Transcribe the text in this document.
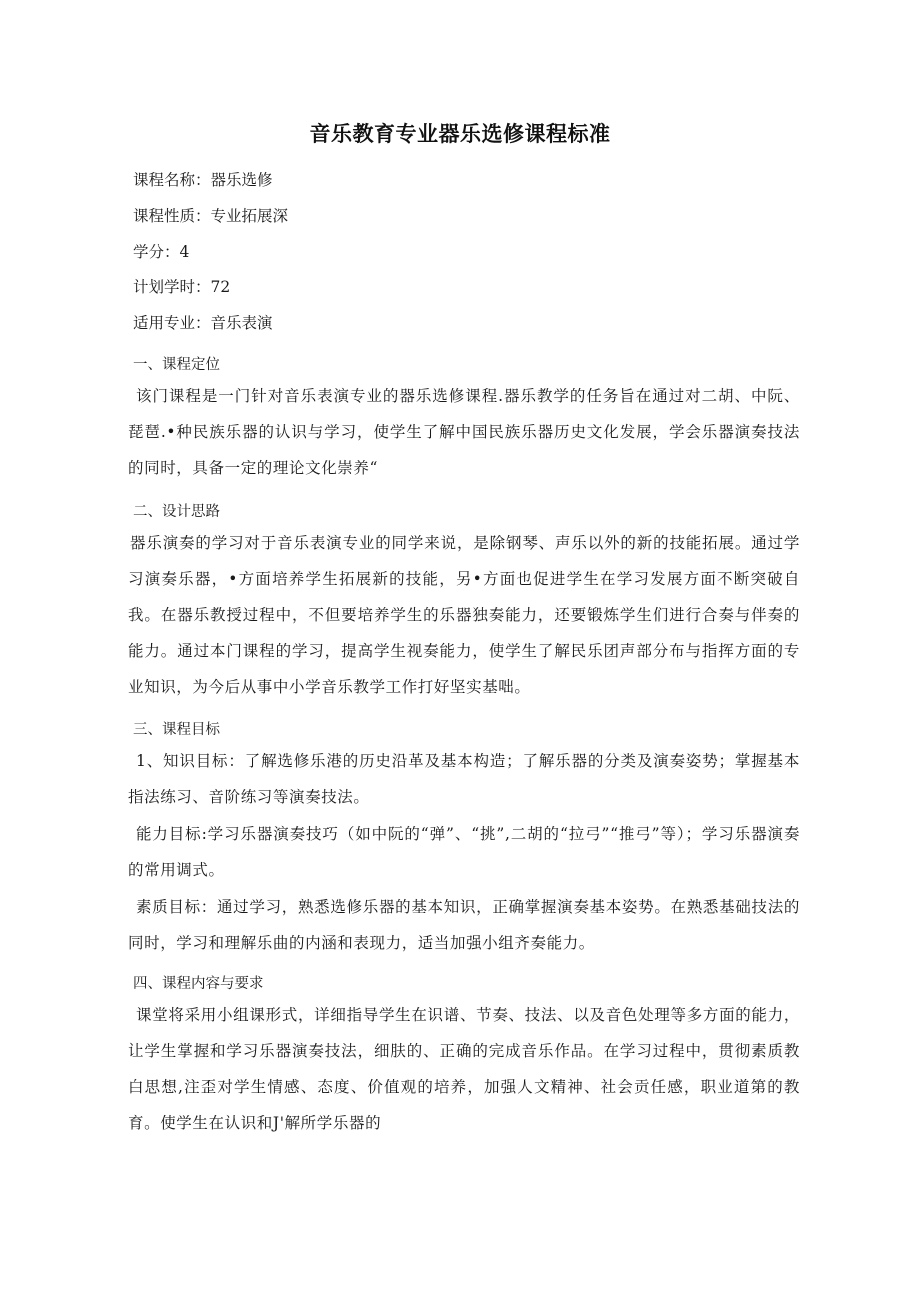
音乐教育专业器乐选修课程标准
课程名称：器乐选修
课程性质：专业拓展深
学分：4
计划学时：72
适用专业：音乐表演
一、课程定位
该门课程是一门针对音乐表演专业的器乐选修课程.器乐教学的任务旨在通过对二胡、中阮、琵琶.•种民族乐器的认识与学习，使学生了解中国民族乐器历史文化发展，学会乐器演奏技法的同时，具备一定的理论文化崇养“
二、设计思路
器乐演奏的学习对于音乐表演专业的同学来说，是除钢琴、声乐以外的新的技能拓展。通过学习演奏乐器，•方面培养学生拓展新的技能，另•方面也促进学生在学习发展方面不断突破自我。在器乐教授过程中，不但要培养学生的乐器独奏能力，还要锻炼学生们进行合奏与伴奏的能力。通过本门课程的学习，提高学生视奏能力，使学生了解民乐团声部分布与指挥方面的专业知识，为今后从事中小学音乐教学工作打好坚实基咄。
三、课程目标
1、知识目标：了解选修乐港的历史沿革及基本构造；了解乐器的分类及演奏姿势；掌握基本指法练习、音阶练习等演奏技法。
能力目标:学习乐器演奏技巧（如中阮的“弹”、“挑”,二胡的“拉弓”“推弓”等）；学习乐器演奏的常用调式。
素质目标：通过学习，熟悉选修乐器的基本知识，正确掌握演奏基本姿势。在熟悉基础技法的同时，学习和理解乐曲的内涵和表现力，适当加强小组齐奏能力。
四、课程内容与要求
课堂将采用小组课形式，详细指导学生在识谱、节奏、技法、以及音色处理等多方面的能力，让学生掌握和学习乐器演奏技法，细肤的、正确的完成音乐作品。在学习过程中，贯彻素质教白思想,注歪对学生情感、态度、价值观的培养，加强人文精神、社会贡任感，职业道第的教育。使学生在认识和J'解所学乐器的
